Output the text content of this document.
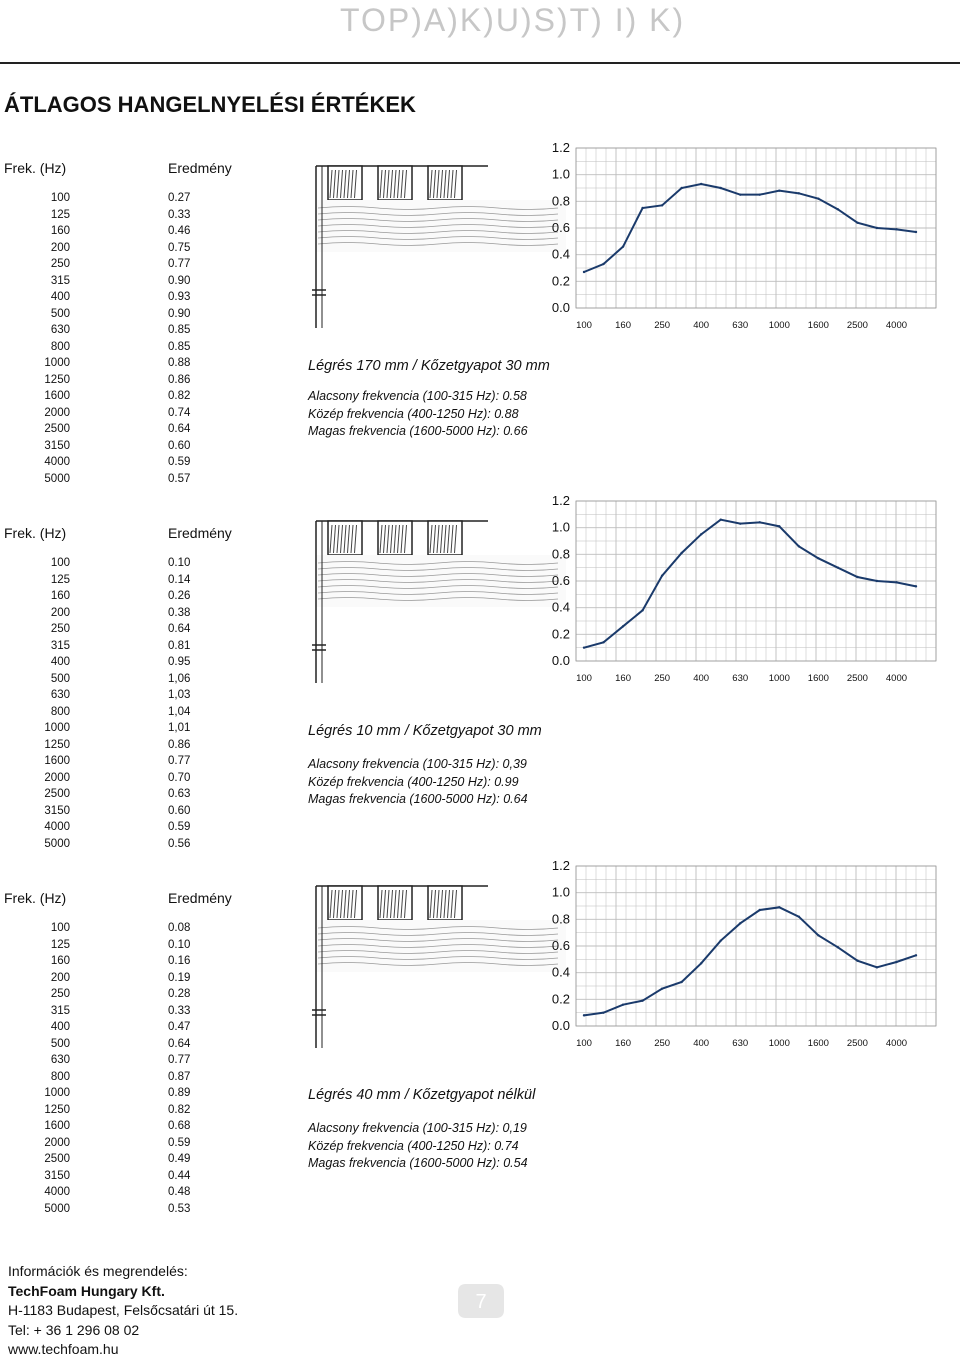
TOP)A)K)U)S)T) I) K)
ÁTLAGOS HANGELNYELÉSI ÉRTÉKEK
Frek. (Hz)	Eredmény
100	0.27
125	0.33
160	0.46
200	0.75
250	0.77
315	0.90
400	0.93
500	0.90
630	0.85
800	0.85
1000	0.88
1250	0.86
1600	0.82
2000	0.74
2500	0.64
3150	0.60
4000	0.59
5000	0.57
Légrés 170 mm / Kőzetgyapot 30 mm
Alacsony frekvencia (100-315 Hz): 0.58
Közép frekvencia (400-1250 Hz): 0.88
Magas frekvencia (1600-5000 Hz): 0.66
0.0
0.2
0.4
0.6
0.8
1.0
1.2
100 160 250 400 630 1000 1600 2500 4000
Frek. (Hz)	Eredmény
100	0.10
125	0.14
160	0.26
200	0.38
250	0.64
315	0.81
400	0.95
500	1,06
630	1,03
800	1,04
1000	1,01
1250	0.86
1600	0.77
2000	0.70
2500	0.63
3150	0.60
4000	0.59
5000	0.56
Légrés 10 mm / Kőzetgyapot 30 mm
Alacsony frekvencia (100-315 Hz): 0,39
Közép frekvencia (400-1250 Hz): 0.99
Magas frekvencia (1600-5000 Hz): 0.64
0.0
0.2
0.4
0.6
0.8
1.0
1.2
100 160 250 400 630 1000 1600 2500 4000
Frek. (Hz)	Eredmény
100	0.08
125	0.10
160	0.16
200	0.19
250	0.28
315	0.33
400	0.47
500	0.64
630	0.77
800	0.87
1000	0.89
1250	0.82
1600	0.68
2000	0.59
2500	0.49
3150	0.44
4000	0.48
5000	0.53
Légrés 40 mm / Kőzetgyapot nélkül
Alacsony frekvencia (100-315 Hz): 0,19
Közép frekvencia (400-1250 Hz): 0.74
Magas frekvencia (1600-5000 Hz): 0.54
0.0
0.2
0.4
0.6
0.8
1.0
1.2
100 160 250 400 630 1000 1600 2500 4000
Információk és megrendelés:
TechFoam Hungary Kft.
H-1183 Budapest, Felsőcsatári út 15.
Tel: + 36 1 296 08 02
www.techfoam.hu
7
